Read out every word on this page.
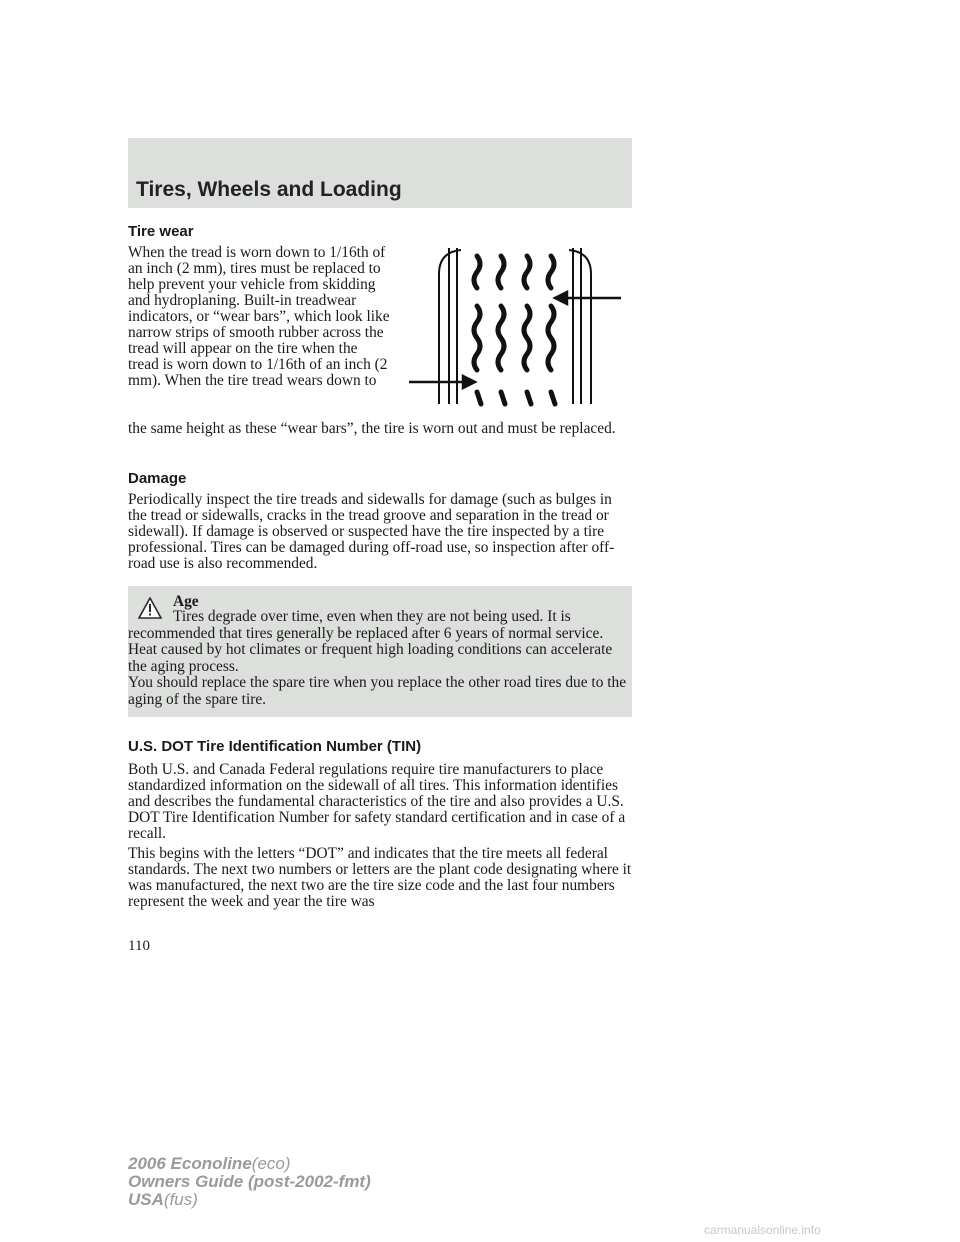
Tires, Wheels and Loading
Tire wear

When the tread is worn down to 1/16th of an inch (2 mm), tires must be replaced to help prevent your vehicle from skidding and hydroplaning. Built-in treadwear indicators, or “wear bars”, which look like narrow strips of smooth rubber across the tread will appear on the tire when the tread is worn down to 1/16th of an inch (2 mm). When the tire tread wears down to

the same height as these “wear bars”, the tire is worn out and must be replaced.

Damage

Periodically inspect the tire treads and sidewalls for damage (such as bulges in the tread or sidewalls, cracks in the tread groove and separation in the tread or sidewall). If damage is observed or suspected have the tire inspected by a tire professional. Tires can be damaged during off-road use, so inspection after off-road use is also recommended.

Age

Tires degrade over time, even when they are not being used. It is recommended that tires generally be replaced after 6 years of normal service. Heat caused by hot climates or frequent high loading conditions can accelerate the aging process.

You should replace the spare tire when you replace the other road tires due to the aging of the spare tire.

U.S. DOT Tire Identification Number (TIN)

Both U.S. and Canada Federal regulations require tire manufacturers to place standardized information on the sidewall of all tires. This information identifies and describes the fundamental characteristics of the tire and also provides a U.S. DOT Tire Identification Number for safety standard certification and in case of a recall.

This begins with the letters “DOT” and indicates that the tire meets all federal standards. The next two numbers or letters are the plant code designating where it was manufactured, the next two are the tire size code and the last four numbers represent the week and year the tire was

110
2006 Econoline(eco)
Owners Guide (post-2002-fmt)
USA(fus)
carmanualsonline.info
